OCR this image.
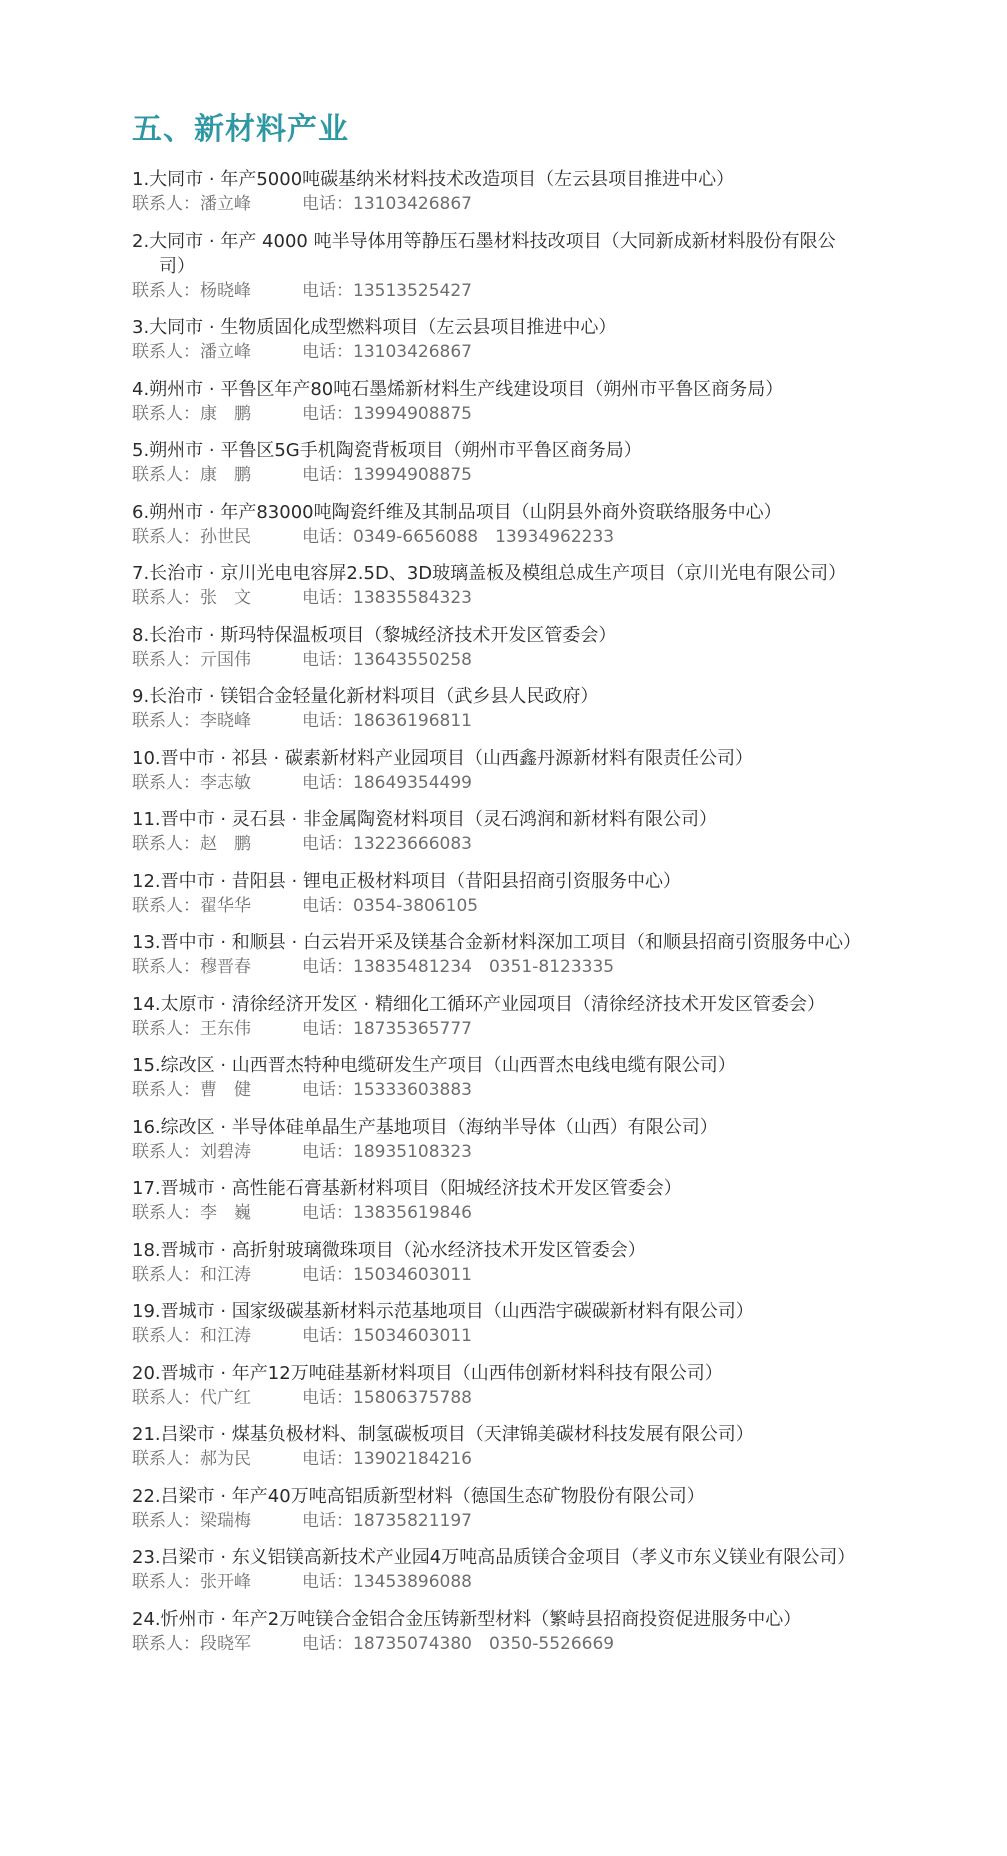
五、新材料产业
1.大同市 · 年产5000吨碳基纳米材料技术改造项目（左云县项目推进中心）
联系人：潘立峰	电话：13103426867
2.大同市 · 年产 4000 吨半导体用等静压石墨材料技改项目（大同新成新材料股份有限公司）
联系人：杨晓峰	电话：13513525427
3.大同市 · 生物质固化成型燃料项目（左云县项目推进中心）
联系人：潘立峰	电话：13103426867
4.朔州市 · 平鲁区年产80吨石墨烯新材料生产线建设项目（朔州市平鲁区商务局）
联系人：康　鹏	电话：13994908875
5.朔州市 · 平鲁区5G手机陶瓷背板项目（朔州市平鲁区商务局）
联系人：康　鹏	电话：13994908875
6.朔州市 · 年产83000吨陶瓷纤维及其制品项目（山阴县外商外资联络服务中心）
联系人：孙世民	电话：0349-6656088　13934962233
7.长治市 · 京川光电电容屏2.5D、3D玻璃盖板及模组总成生产项目（京川光电有限公司）
联系人：张　文	电话：13835584323
8.长治市 · 斯玛特保温板项目（黎城经济技术开发区管委会）
联系人：亓国伟	电话：13643550258
9.长治市 · 镁铝合金轻量化新材料项目（武乡县人民政府）
联系人：李晓峰	电话：18636196811
10.晋中市 · 祁县 · 碳素新材料产业园项目（山西鑫丹源新材料有限责任公司）
联系人：李志敏	电话：18649354499
11.晋中市 · 灵石县 · 非金属陶瓷材料项目（灵石鸿润和新材料有限公司）
联系人：赵　鹏	电话：13223666083
12.晋中市 · 昔阳县 · 锂电正极材料项目（昔阳县招商引资服务中心）
联系人：翟华华	电话：0354-3806105
13.晋中市 · 和顺县 · 白云岩开采及镁基合金新材料深加工项目（和顺县招商引资服务中心）
联系人：穆晋春	电话：13835481234　0351-8123335
14.太原市 · 清徐经济开发区 · 精细化工循环产业园项目（清徐经济技术开发区管委会）
联系人：王东伟	电话：18735365777
15.综改区 · 山西晋杰特种电缆研发生产项目（山西晋杰电线电缆有限公司）
联系人：曹　健	电话：15333603883
16.综改区 · 半导体硅单晶生产基地项目（海纳半导体（山西）有限公司）
联系人：刘碧涛	电话：18935108323
17.晋城市 · 高性能石膏基新材料项目（阳城经济技术开发区管委会）
联系人：李　巍	电话：13835619846
18.晋城市 · 高折射玻璃微珠项目（沁水经济技术开发区管委会）
联系人：和江涛	电话：15034603011
19.晋城市 · 国家级碳基新材料示范基地项目（山西浩宇碳碳新材料有限公司）
联系人：和江涛	电话：15034603011
20.晋城市 · 年产12万吨硅基新材料项目（山西伟创新材料科技有限公司）
联系人：代广红	电话：15806375788
21.吕梁市 · 煤基负极材料、制氢碳板项目（天津锦美碳材科技发展有限公司）
联系人：郝为民	电话：13902184216
22.吕梁市 · 年产40万吨高铝质新型材料（德国生态矿物股份有限公司）
联系人：梁瑞梅	电话：18735821197
23.吕梁市 · 东义铝镁高新技术产业园4万吨高品质镁合金项目（孝义市东义镁业有限公司）
联系人：张开峰	电话：13453896088
24.忻州市 · 年产2万吨镁合金铝合金压铸新型材料（繁峙县招商投资促进服务中心）
联系人：段晓军	电话：18735074380　0350-5526669
